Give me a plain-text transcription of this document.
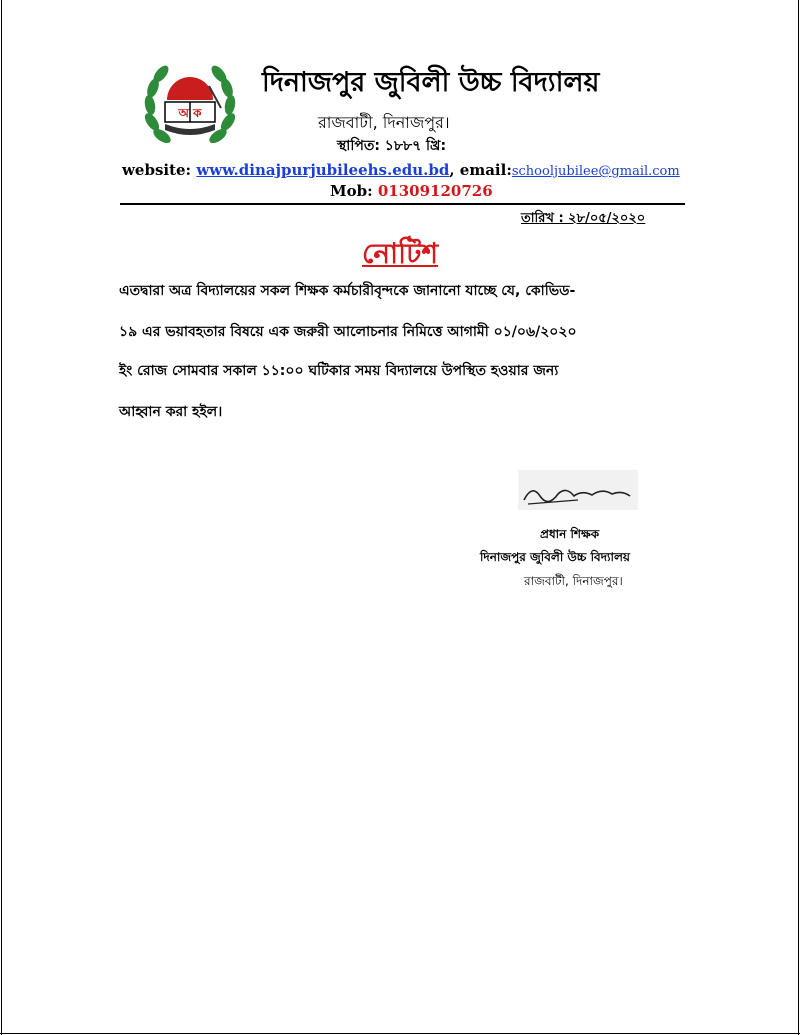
অ ক
দিনাজপুর জুবিলী উচ্চ বিদ্যালয়
রাজবাটী, দিনাজপুর।
স্থাপিত: ১৮৮৭ খ্রি:
website: www.dinajpurjubileehs.edu.bd, email:schooljubilee@gmail.com
Mob: 01309120726
তারিখ : ২৮/০৫/২০২০
নোটিশ
এতদ্বারা অত্র বিদ্যালয়ের সকল শিক্ষক কর্মচারীবৃন্দকে জানানো যাচ্ছে যে, কোভিড-
১৯ এর ভয়াবহতার বিষয়ে এক জরুরী আলোচনার নিমিত্তে আগামী ০১/০৬/২০২০
ইং রোজ সোমবার সকাল ১১:০০ ঘটিকার সময় বিদ্যালয়ে উপস্থিত হওয়ার জন্য
আহ্বান করা হইল।
প্রধান শিক্ষক
দিনাজপুর জুবিলী উচ্চ বিদ্যালয়
রাজবাটী, দিনাজপুর।
